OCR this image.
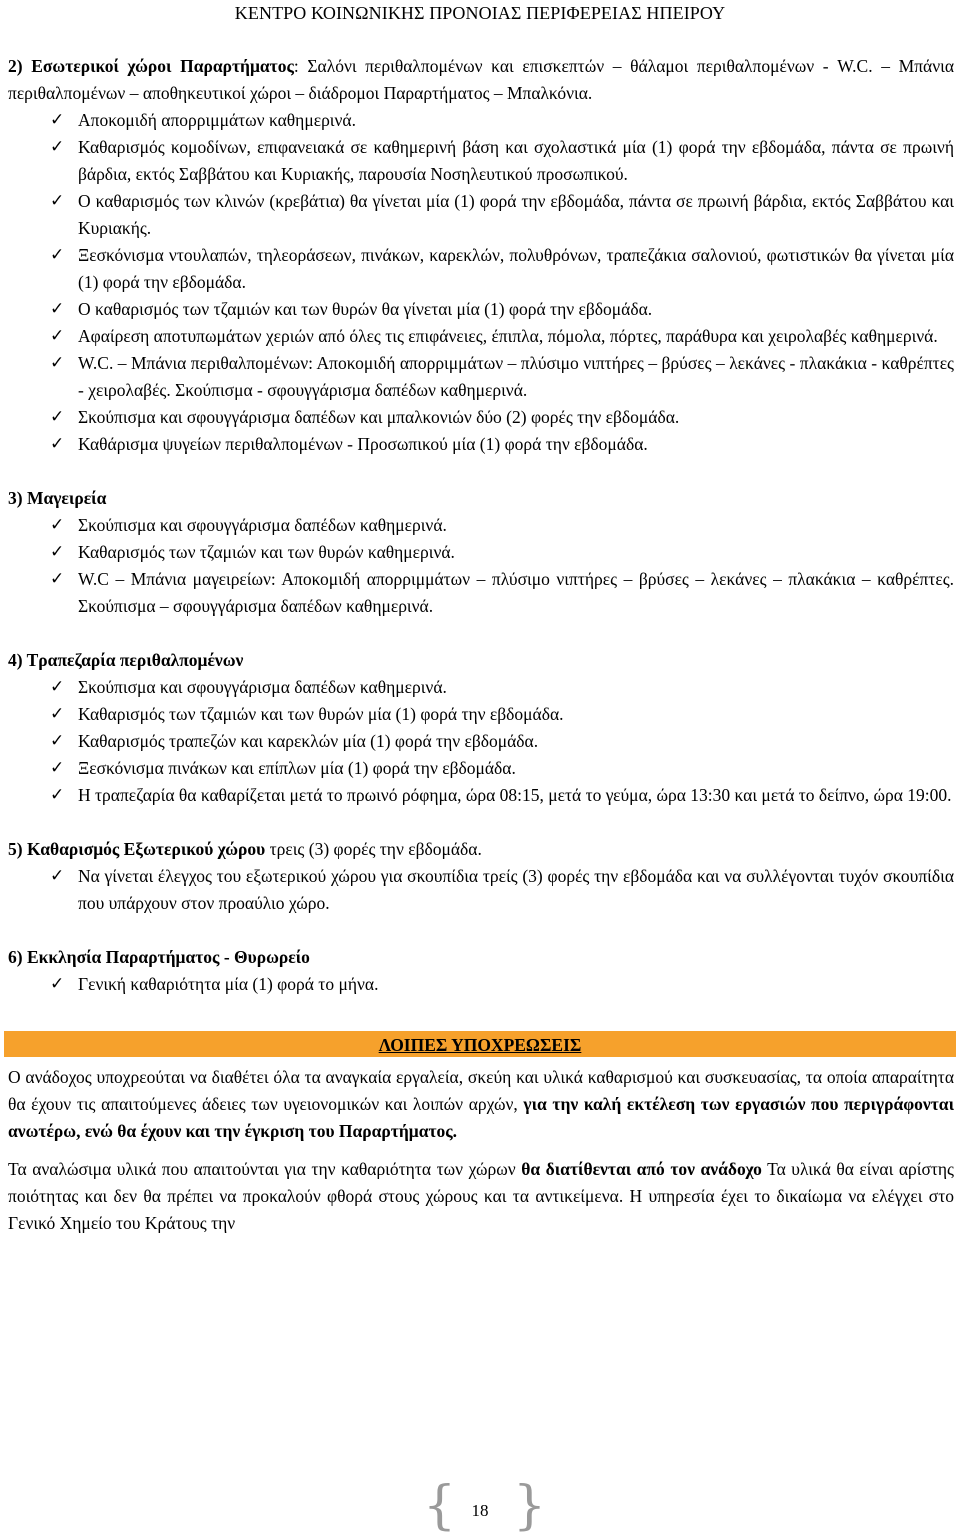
ΚΕΝΤΡΟ ΚΟΙΝΩΝΙΚΗΣ ΠΡΟΝΟΙΑΣ ΠΕΡΙΦΕΡΕΙΑΣ ΗΠΕΙΡΟΥ

2) Εσωτερικοί χώροι Παραρτήματος: Σαλόνι περιθαλπομένων και επισκεπτών – θάλαμοι περιθαλπομένων - W.C. – Μπάνια περιθαλπομένων – αποθηκευτικοί χώροι – διάδρομοι Παραρτήματος – Μπαλκόνια.

✓ Αποκομιδή απορριμμάτων καθημερινά.
✓ Καθαρισμός κομοδίνων, επιφανειακά σε καθημερινή βάση και σχολαστικά μία (1) φορά την εβδομάδα, πάντα σε πρωινή βάρδια, εκτός Σαββάτου και Κυριακής, παρουσία Νοσηλευτικού προσωπικού.
✓ Ο καθαρισμός των κλινών (κρεβάτια) θα γίνεται μία (1) φορά την εβδομάδα, πάντα σε πρωινή βάρδια, εκτός Σαββάτου και Κυριακής.
✓ Ξεσκόνισμα ντουλαπών, τηλεοράσεων, πινάκων, καρεκλών, πολυθρόνων, τραπεζάκια σαλονιού, φωτιστικών θα γίνεται μία (1) φορά την εβδομάδα.
✓ Ο καθαρισμός των τζαμιών και των θυρών θα γίνεται μία (1) φορά την εβδομάδα.
✓ Αφαίρεση αποτυπωμάτων χεριών από όλες τις επιφάνειες, έπιπλα, πόμολα, πόρτες, παράθυρα και χειρολαβές καθημερινά.
✓ W.C. – Μπάνια περιθαλπομένων: Αποκομιδή απορριμμάτων – πλύσιμο νιπτήρες – βρύσες – λεκάνες - πλακάκια - καθρέπτες - χειρολαβές. Σκούπισμα - σφουγγάρισμα δαπέδων καθημερινά.
✓ Σκούπισμα και σφουγγάρισμα δαπέδων και μπαλκονιών δύο (2) φορές την εβδομάδα.
✓ Καθάρισμα ψυγείων περιθαλπομένων - Προσωπικού μία (1) φορά την εβδομάδα.

3) Μαγειρεία

✓ Σκούπισμα και σφουγγάρισμα δαπέδων καθημερινά.
✓ Καθαρισμός των τζαμιών και των θυρών καθημερινά.
✓ W.C – Μπάνια μαγειρείων: Αποκομιδή απορριμμάτων – πλύσιμο νιπτήρες – βρύσες – λεκάνες – πλακάκια – καθρέπτες. Σκούπισμα – σφουγγάρισμα δαπέδων καθημερινά.

4) Τραπεζαρία περιθαλπομένων

✓ Σκούπισμα και σφουγγάρισμα δαπέδων καθημερινά.
✓ Καθαρισμός των τζαμιών και των θυρών μία (1) φορά την εβδομάδα.
✓ Καθαρισμός τραπεζών και καρεκλών μία (1) φορά την εβδομάδα.
✓ Ξεσκόνισμα πινάκων και επίπλων μία (1) φορά την εβδομάδα.
✓ Η τραπεζαρία θα καθαρίζεται μετά το πρωινό ρόφημα, ώρα 08:15, μετά το γεύμα, ώρα 13:30 και μετά το δείπνο, ώρα 19:00.

5) Καθαρισμός Εξωτερικού χώρου τρεις (3) φορές την εβδομάδα.

✓ Να γίνεται έλεγχος του εξωτερικού χώρου για σκουπίδια τρείς (3) φορές την εβδομάδα και να συλλέγονται τυχόν σκουπίδια που υπάρχουν στον προαύλιο χώρο.

6) Εκκλησία Παραρτήματος - Θυρωρείο

✓ Γενική καθαριότητα μία (1) φορά το μήνα.
ΛΟΙΠΕΣ ΥΠΟΧΡΕΩΣΕΙΣ

Ο ανάδοχος υποχρεούται να διαθέτει όλα τα αναγκαία εργαλεία, σκεύη και υλικά καθαρισμού και συσκευασίας, τα οποία απαραίτητα θα έχουν τις απαιτούμενες άδειες των υγειονομικών και λοιπών αρχών, για την καλή εκτέλεση των εργασιών που περιγράφονται ανωτέρω, ενώ θα έχουν και την έγκριση του Παραρτήματος.

Τα αναλώσιμα υλικά που απαιτούνται για την καθαριότητα των χώρων θα διατίθενται από τον ανάδοχο Τα υλικά θα είναι αρίστης ποιότητας και δεν θα πρέπει να προκαλούν φθορά στους χώρους και τα αντικείμενα. Η υπηρεσία έχει το δικαίωμα να ελέγχει στο Γενικό Χημείο του Κράτους την

{ 18 }
